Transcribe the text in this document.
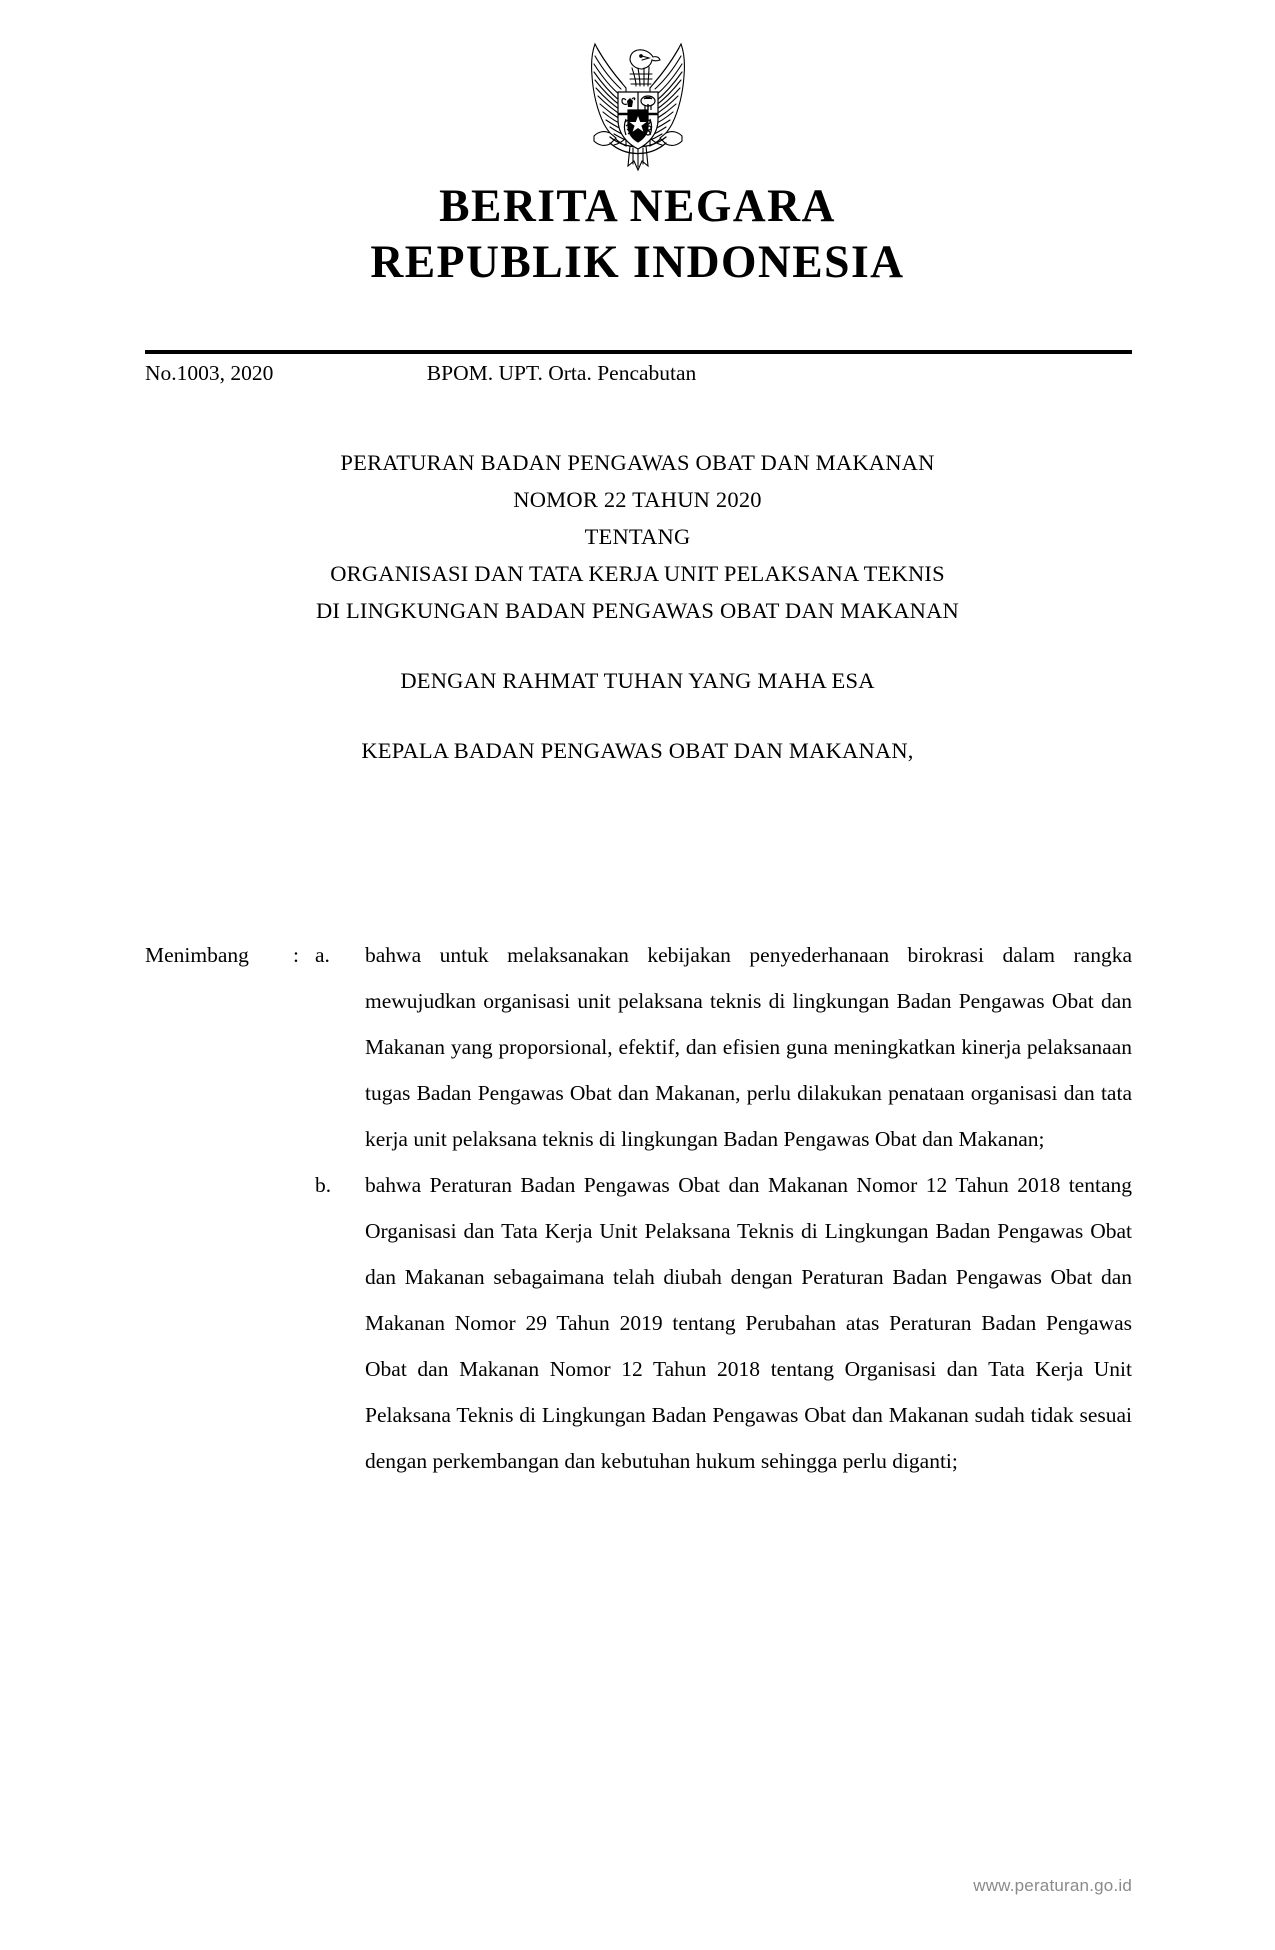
BERITA NEGARA
REPUBLIK INDONESIA
No.1003, 2020	BPOM. UPT. Orta. Pencabutan
PERATURAN BADAN PENGAWAS OBAT DAN MAKANAN
NOMOR 22 TAHUN 2020
TENTANG
ORGANISASI DAN TATA KERJA UNIT PELAKSANA TEKNIS
DI LINGKUNGAN BADAN PENGAWAS OBAT DAN MAKANAN
DENGAN RAHMAT TUHAN YANG MAHA ESA
KEPALA BADAN PENGAWAS OBAT DAN MAKANAN,
Menimbang	: a.	bahwa untuk melaksanakan kebijakan penyederhanaan birokrasi dalam rangka mewujudkan organisasi unit pelaksana teknis di lingkungan Badan Pengawas Obat dan Makanan yang proporsional, efektif, dan efisien guna meningkatkan kinerja pelaksanaan tugas Badan Pengawas Obat dan Makanan, perlu dilakukan penataan organisasi dan tata kerja unit pelaksana teknis di lingkungan Badan Pengawas Obat dan Makanan;
b.	bahwa Peraturan Badan Pengawas Obat dan Makanan Nomor 12 Tahun 2018 tentang Organisasi dan Tata Kerja Unit Pelaksana Teknis di Lingkungan Badan Pengawas Obat dan Makanan sebagaimana telah diubah dengan Peraturan Badan Pengawas Obat dan Makanan Nomor 29 Tahun 2019 tentang Perubahan atas Peraturan Badan Pengawas Obat dan Makanan Nomor 12 Tahun 2018 tentang Organisasi dan Tata Kerja Unit Pelaksana Teknis di Lingkungan Badan Pengawas Obat dan Makanan sudah tidak sesuai dengan perkembangan dan kebutuhan hukum sehingga perlu diganti;
www.peraturan.go.id
